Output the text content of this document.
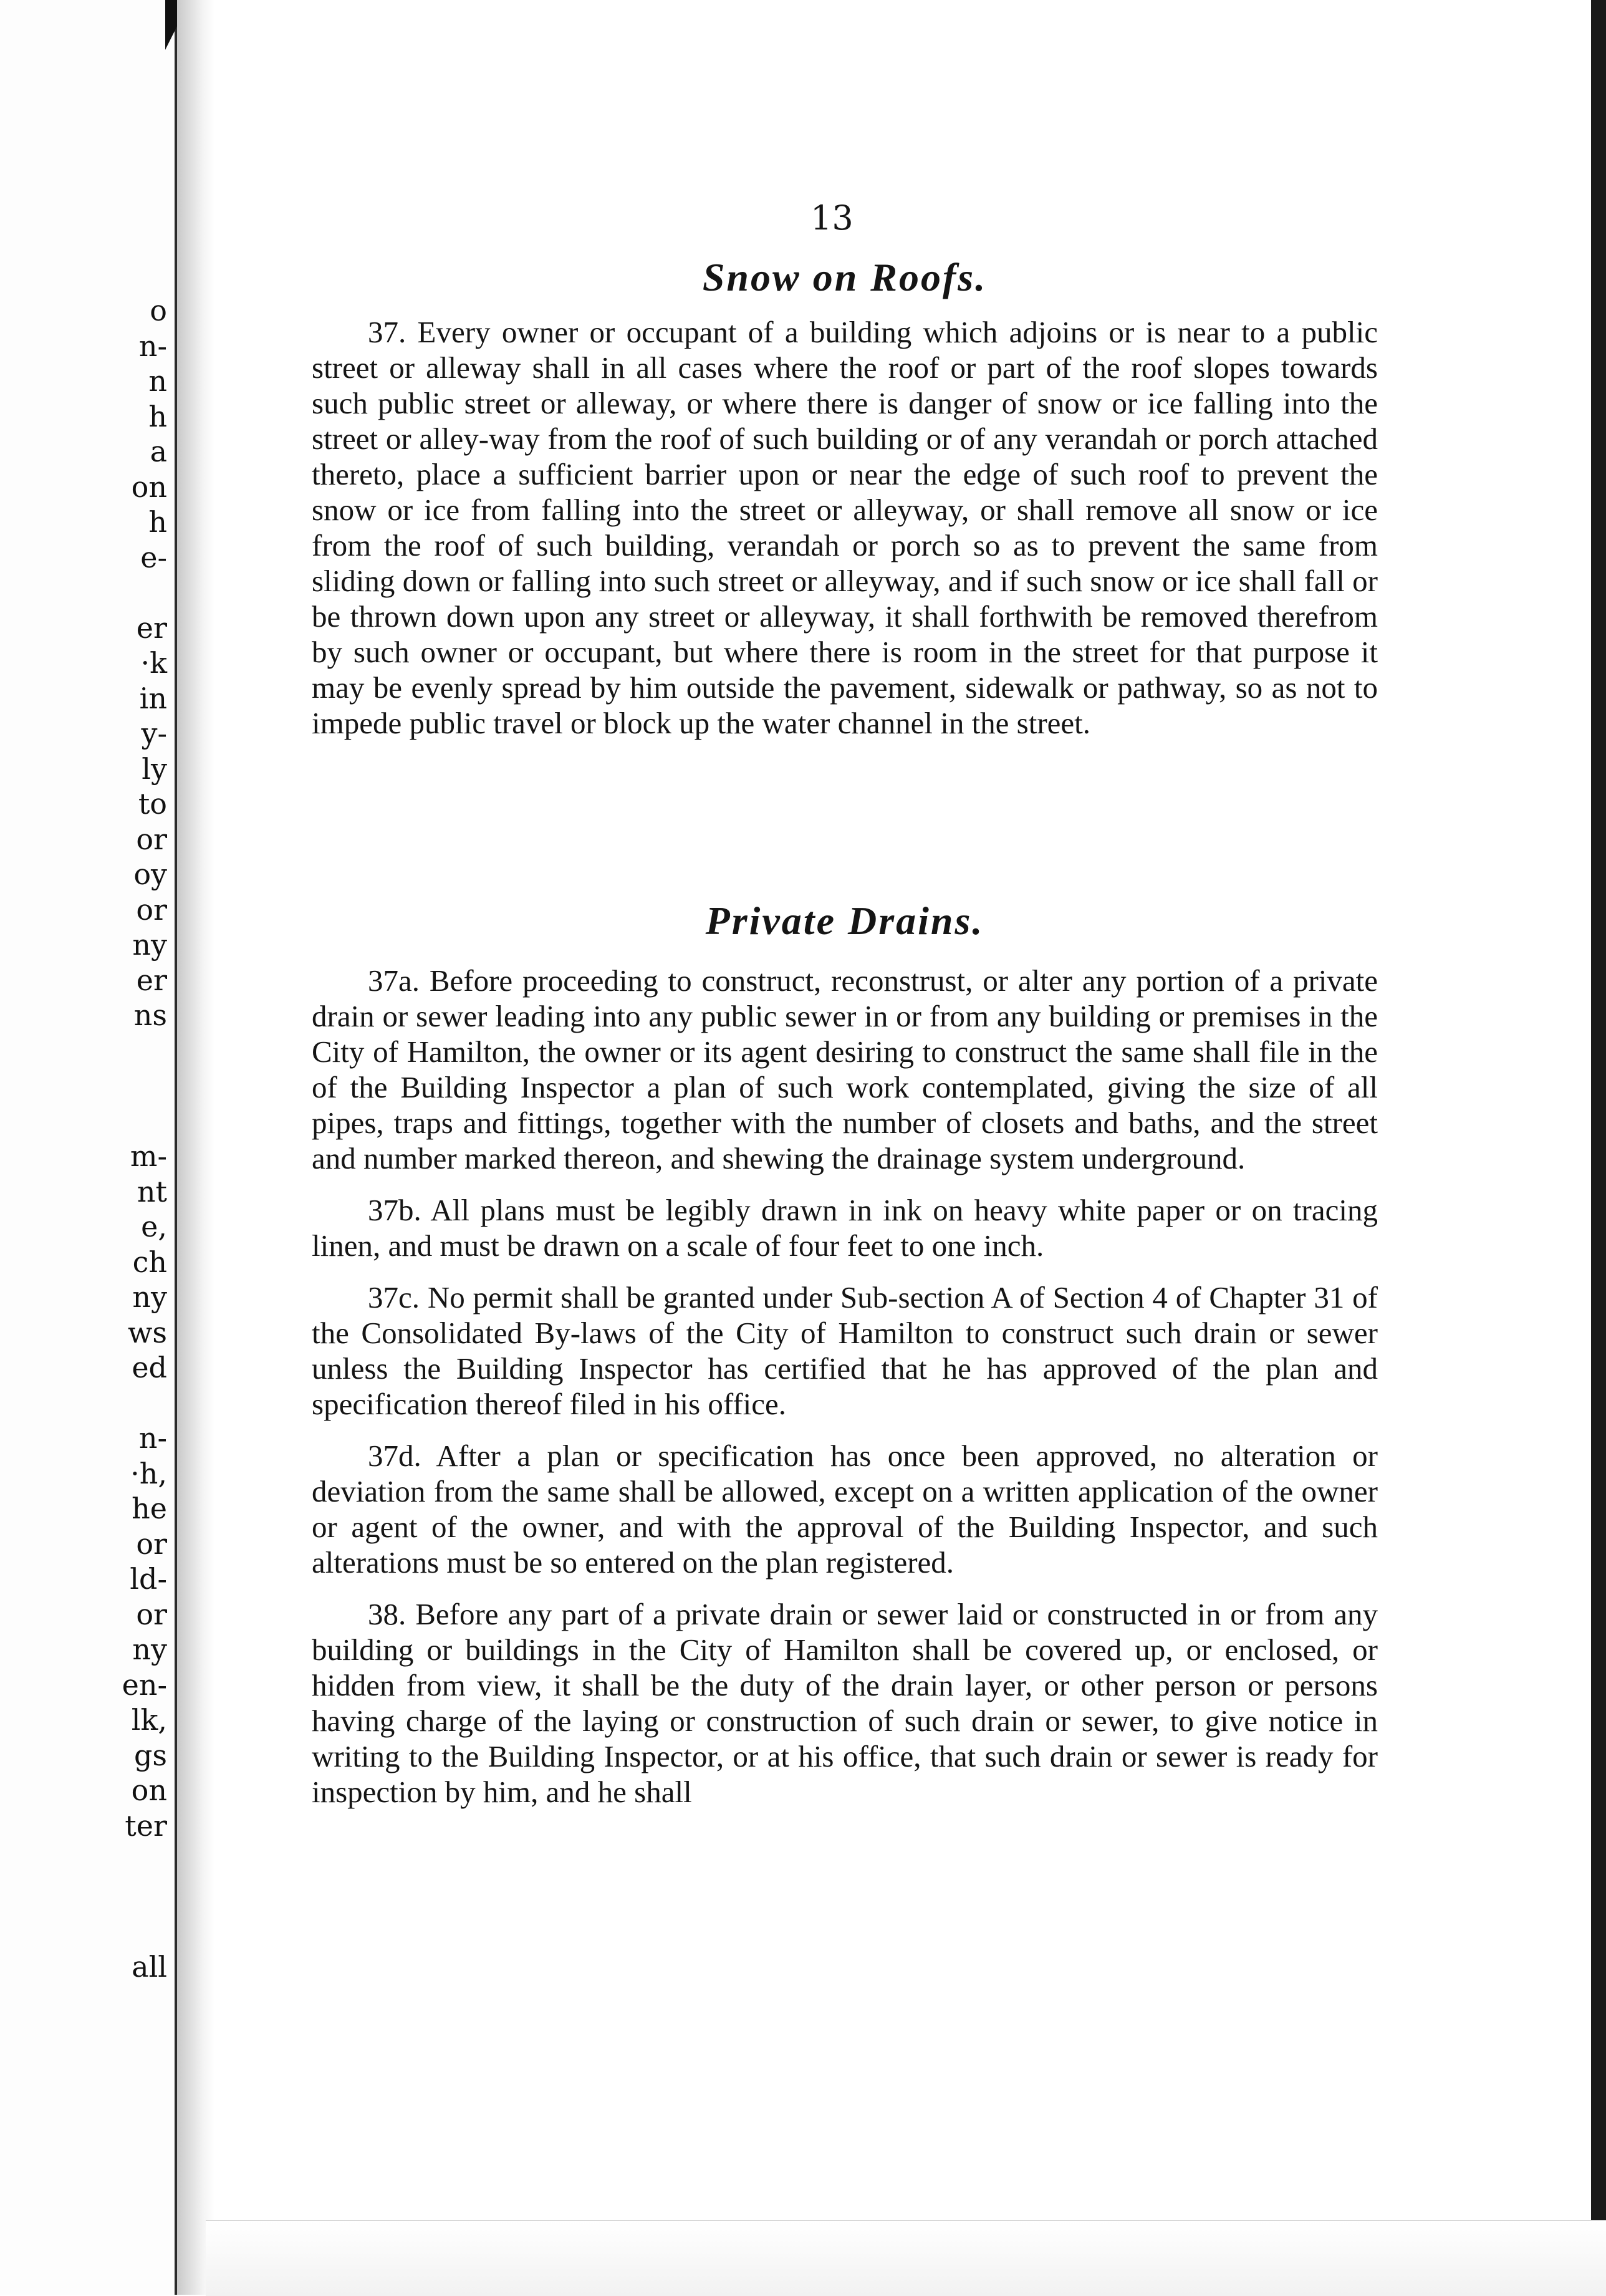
o
n-
n
h
a
on
h
e-
er
·k
in
y-
ly
to
or
oy
or
ny
er
ns
m-
nt
e,
ch
ny
ws
ed
n-
·h,
he
or
ld-
or
ny
en-
lk,
gs
on
ter
all
13
Snow on Roofs.

37. Every owner or occupant of a building which adjoins or is near to a public street or alleway shall in all cases where the roof or part of the roof slopes towards such public street or alleway, or where there is danger of snow or ice falling into the street or alley-way from the roof of such building or of any verandah or porch attached thereto, place a sufficient barrier upon or near the edge of such roof to prevent the snow or ice from falling into the street or alleyway, or shall remove all snow or ice from the roof of such building, verandah or porch so as to prevent the same from sliding down or falling into such street or alleyway, and if such snow or ice shall fall or be thrown down upon any street or alleyway, it shall forthwith be removed therefrom by such owner or occupant, but where there is room in the street for that purpose it may be evenly spread by him outside the pavement, sidewalk or pathway, so as not to impede public travel or block up the water channel in the street.

Private Drains.

37a. Before proceeding to construct, reconstrust, or alter any portion of a private drain or sewer leading into any public sewer in or from any building or premises in the City of Hamilton, the owner or its agent desiring to construct the same shall file in the of the Building Inspector a plan of such work contemplated, giving the size of all pipes, traps and fittings, together with the number of closets and baths, and the street and number marked thereon, and shewing the drainage system underground.

37b. All plans must be legibly drawn in ink on heavy white paper or on tracing linen, and must be drawn on a scale of four feet to one inch.

37c. No permit shall be granted under Sub-section A of Section 4 of Chapter 31 of the Consolidated By-laws of the City of Hamilton to construct such drain or sewer unless the Building Inspector has certified that he has approved of the plan and specification thereof filed in his office.

37d. After a plan or specification has once been approved, no alteration or deviation from the same shall be allowed, except on a written application of the owner or agent of the owner, and with the approval of the Building Inspector, and such alterations must be so entered on the plan registered.

38. Before any part of a private drain or sewer laid or constructed in or from any building or buildings in the City of Hamilton shall be covered up, or enclosed, or hidden from view, it shall be the duty of the drain layer, or other person or persons having charge of the laying or construction of such drain or sewer, to give notice in writing to the Building Inspector, or at his office, that such drain or sewer is ready for inspection by him, and he shall
